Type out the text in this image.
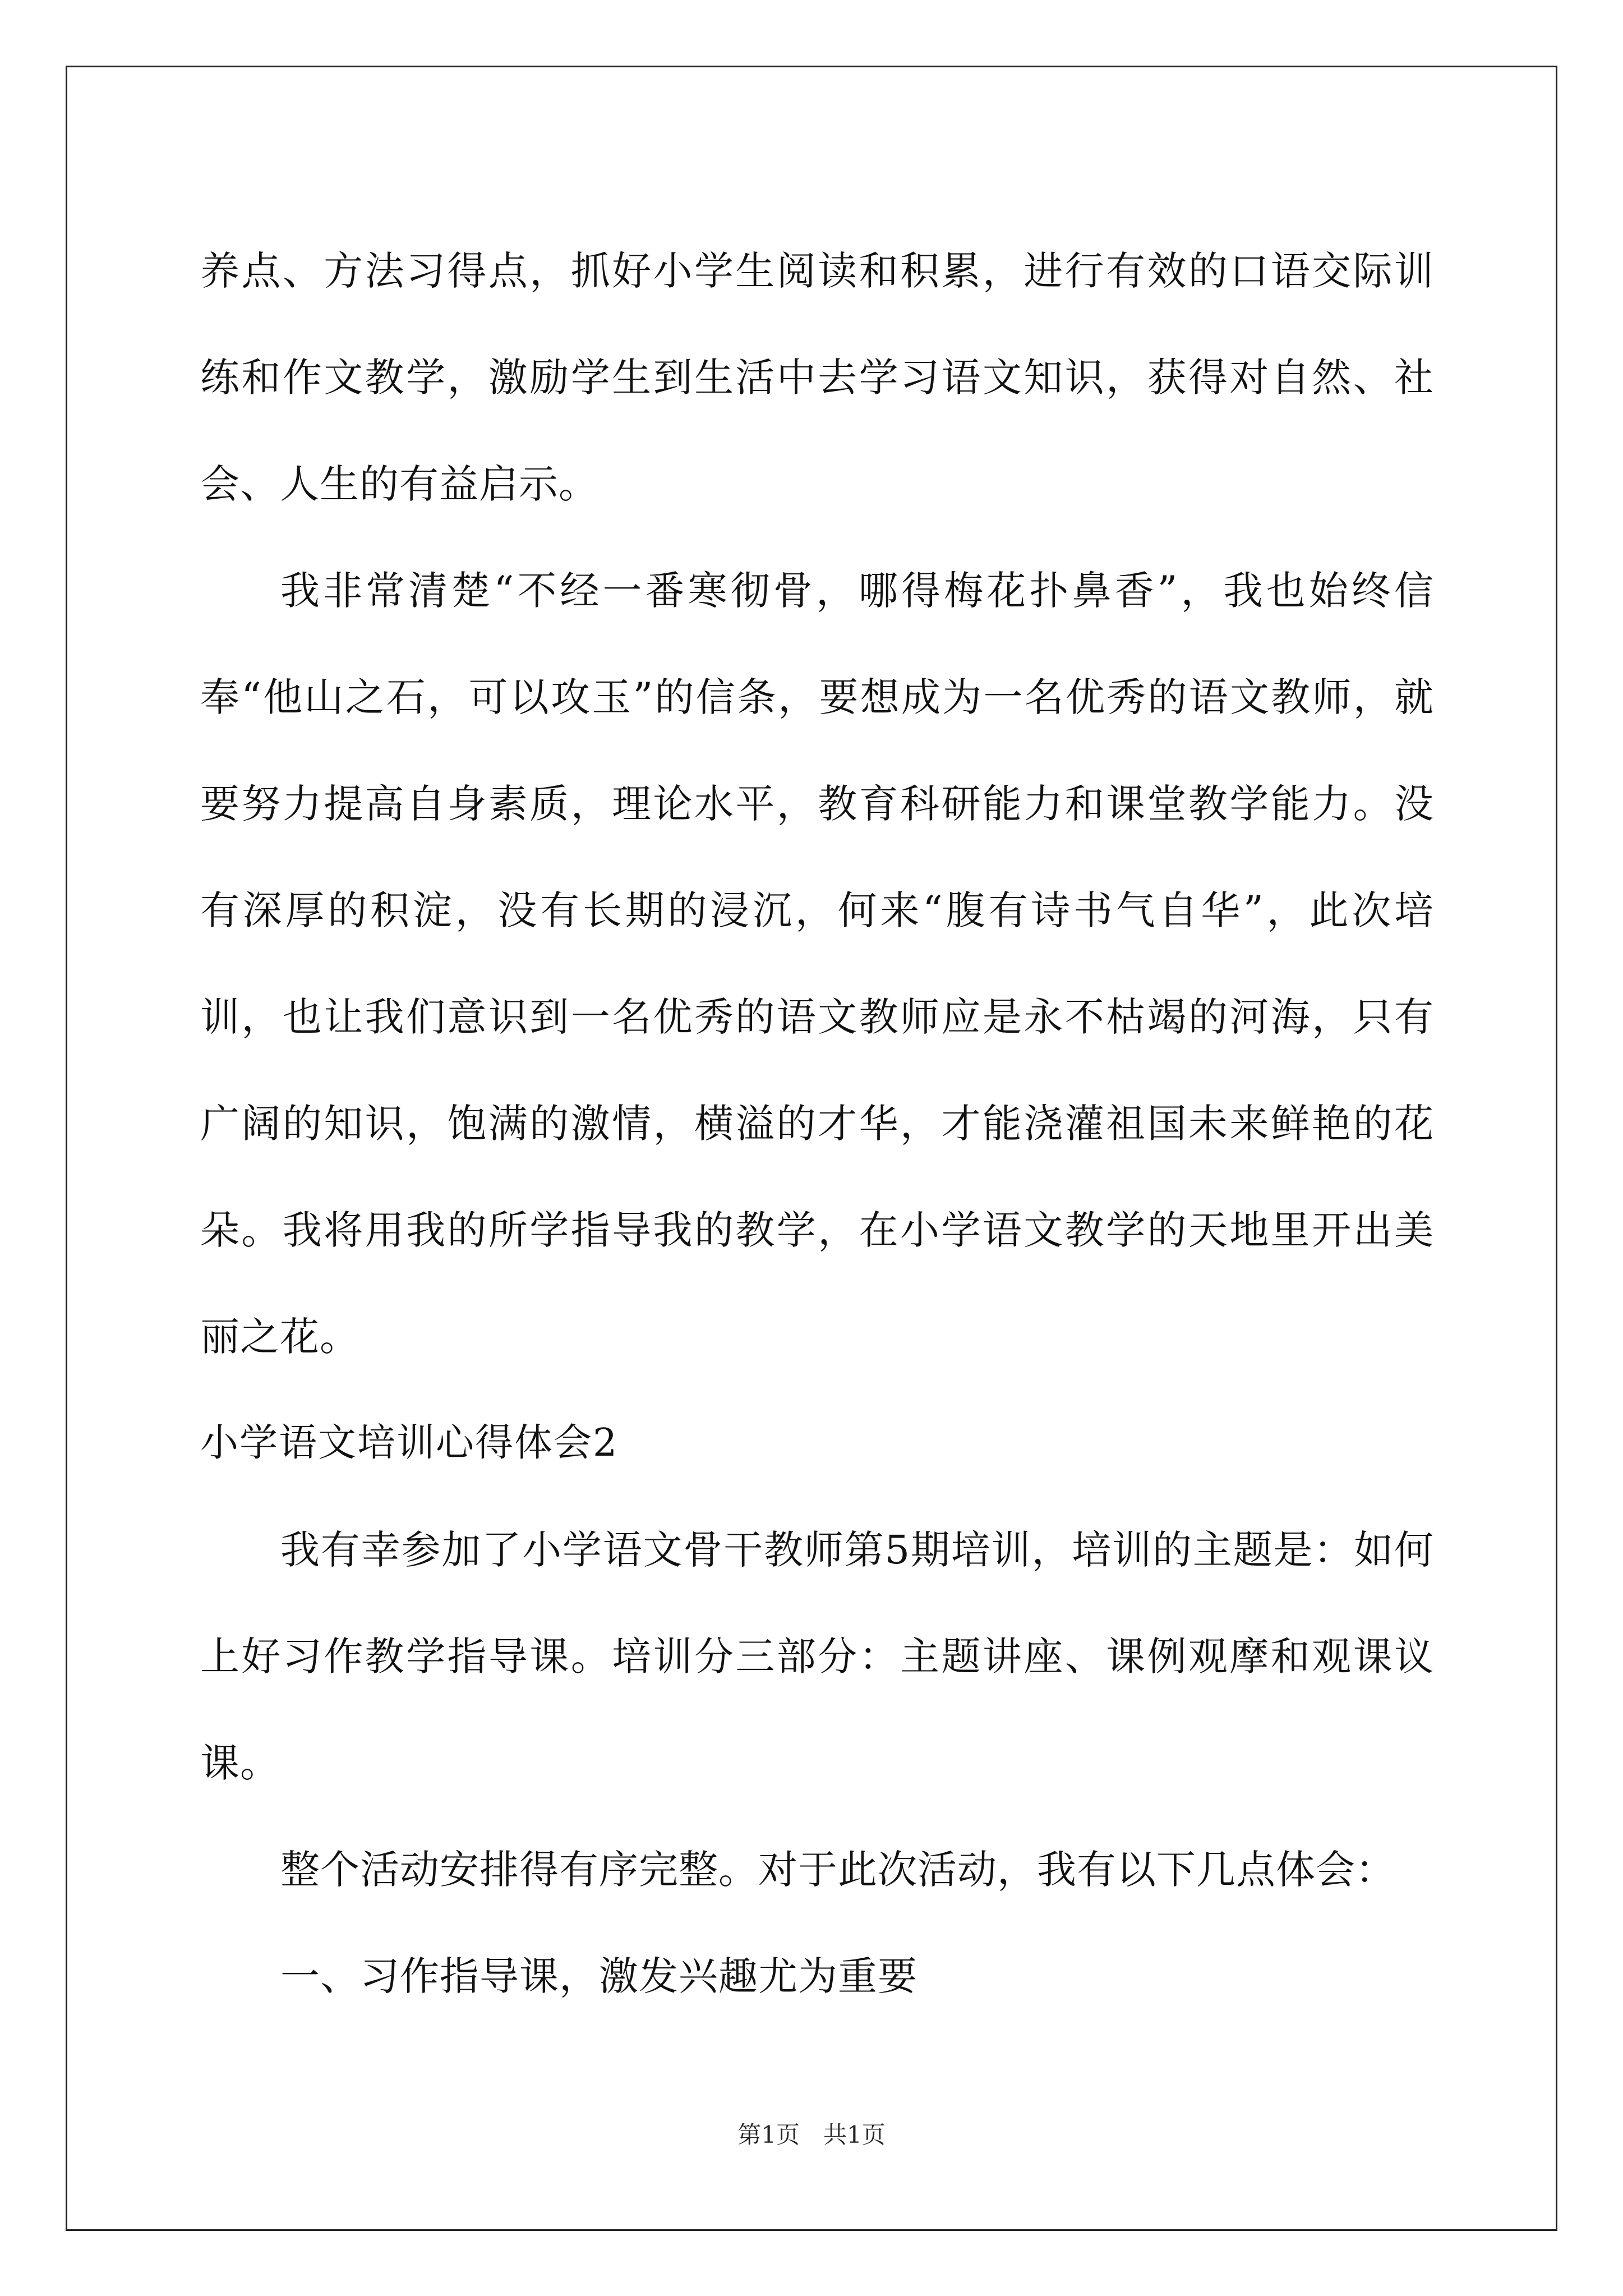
养点、方法习得点，抓好小学生阅读和积累，进行有效的口语交际训练和作文教学，激励学生到生活中去学习语文知识，获得对自然、社会、人生的有益启示。

我非常清楚“不经一番寒彻骨，哪得梅花扑鼻香”，我也始终信奉“他山之石，可以攻玉”的信条，要想成为一名优秀的语文教师，就要努力提高自身素质，理论水平，教育科研能力和课堂教学能力。没有深厚的积淀，没有长期的浸沉，何来“腹有诗书气自华”，此次培训，也让我们意识到一名优秀的语文教师应是永不枯竭的河海，只有广阔的知识，饱满的激情，横溢的才华，才能浇灌祖国未来鲜艳的花朵。我将用我的所学指导我的教学，在小学语文教学的天地里开出美丽之花。

小学语文培训心得体会2

我有幸参加了小学语文骨干教师第5期培训，培训的主题是：如何上好习作教学指导课。培训分三部分：主题讲座、课例观摩和观课议课。

整个活动安排得有序完整。对于此次活动，我有以下几点体会：

一、习作指导课，激发兴趣尤为重要

第1页　共1页
